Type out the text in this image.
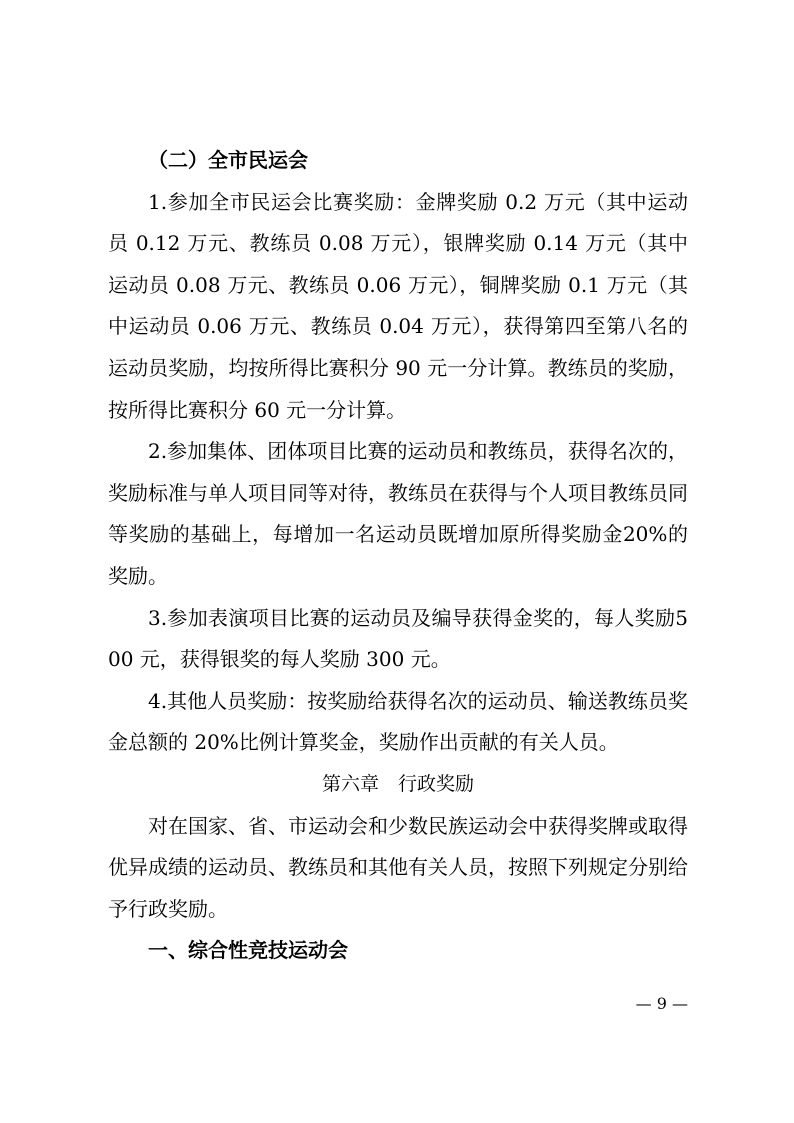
（二）全市民运会

1.参加全市民运会比赛奖励：金牌奖励 0.2 万元（其中运动员 0.12 万元、教练员 0.08 万元），银牌奖励 0.14 万元（其中运动员 0.08 万元、教练员 0.06 万元），铜牌奖励 0.1 万元（其中运动员 0.06 万元、教练员 0.04 万元），获得第四至第八名的运动员奖励，均按所得比赛积分 90 元一分计算。教练员的奖励，按所得比赛积分 60 元一分计算。

2.参加集体、团体项目比赛的运动员和教练员，获得名次的，奖励标准与单人项目同等对待，教练员在获得与个人项目教练员同等奖励的基础上，每增加一名运动员既增加原所得奖励金20%的奖励。

3.参加表演项目比赛的运动员及编导获得金奖的，每人奖励500 元，获得银奖的每人奖励 300 元。

4.其他人员奖励：按奖励给获得名次的运动员、输送教练员奖金总额的 20%比例计算奖金，奖励作出贡献的有关人员。

第六章　行政奖励

对在国家、省、市运动会和少数民族运动会中获得奖牌或取得优异成绩的运动员、教练员和其他有关人员，按照下列规定分别给予行政奖励。

一、综合性竞技运动会

— 9 —
